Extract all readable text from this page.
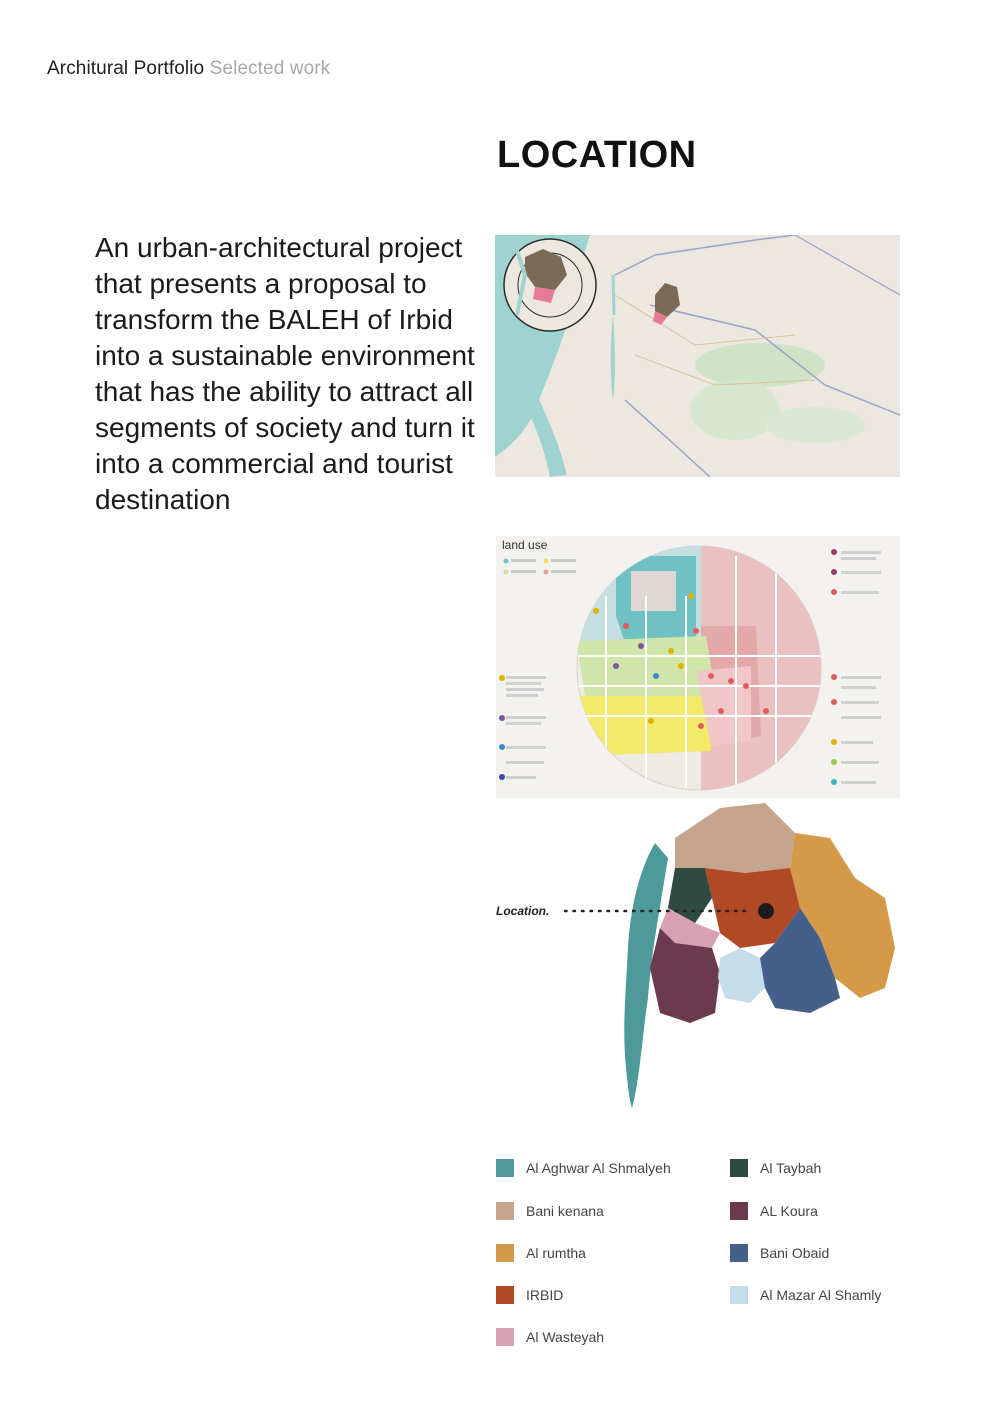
Architural Portfolio Selected work
LOCATION

An urban-architectural project that presents a proposal to transform the BALEH of Irbid into a sustainable environment that has the ability to attract all segments of society and turn it into a commercial and tourist destination

land use
Location.
Al Aghwar Al Shmalyeh	Al Taybah
Bani kenana	AL Koura
Al rumtha	Bani Obaid
IRBID	Al Mazar Al Shamly
Al Wasteyah
